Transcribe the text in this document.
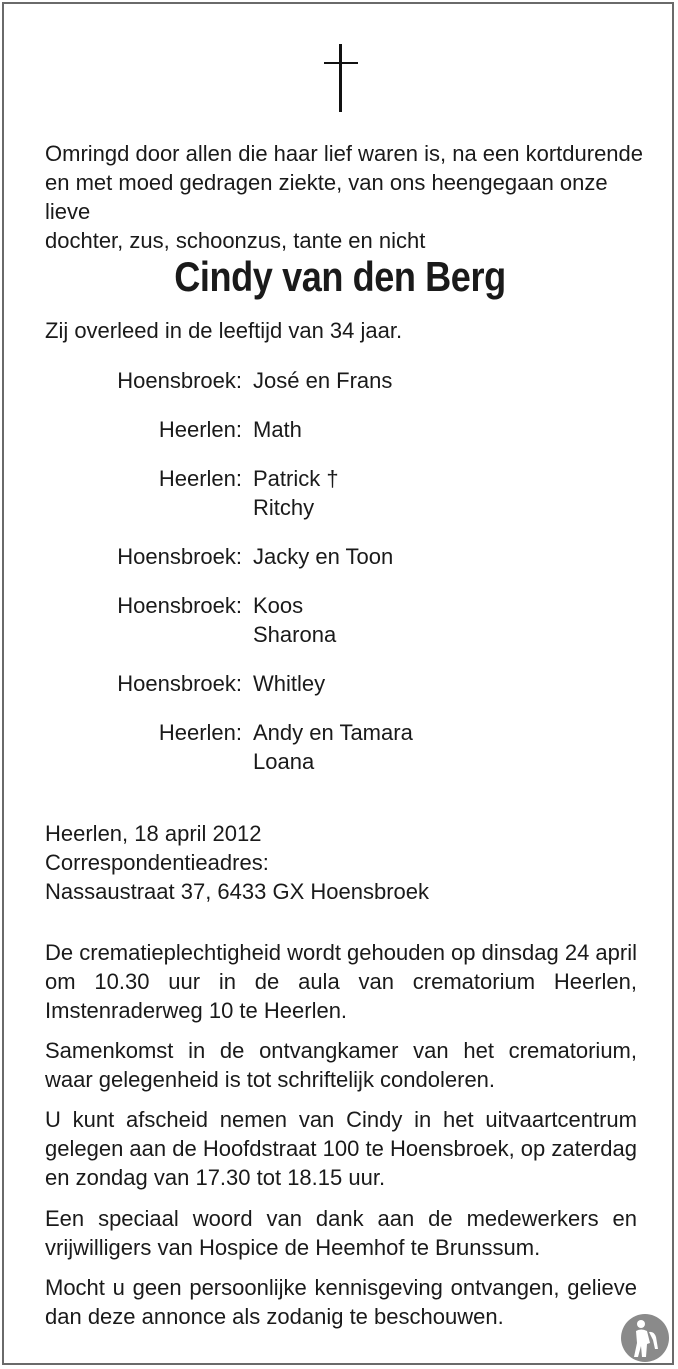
Omringd door allen die haar lief waren is, na een kortdurende

en met moed gedragen ziekte, van ons heengegaan onze lieve

dochter, zus, schoonzus, tante en nicht

Cindy van den Berg
Zij overleed in de leeftijd van 34 jaar.
Hoensbroek: José en Frans
Heerlen: Math
Heerlen: Patrick †
Ritchy
Hoensbroek: Jacky en Toon
Hoensbroek: Koos
Sharona
Hoensbroek: Whitley
Heerlen: Andy en Tamara
Loana

Heerlen, 18 april 2012

Correspondentieadres:

Nassaustraat 37, 6433 GX Hoensbroek

De crematieplechtigheid wordt gehouden op dinsdag 24 april om 10.30 uur in de aula van crematorium Heerlen, Imstenraderweg 10 te Heerlen.
Samenkomst in de ontvangkamer van het crematorium, waar gelegenheid is tot schriftelijk condoleren.
U kunt afscheid nemen van Cindy in het uitvaartcentrum gelegen aan de Hoofdstraat 100 te Hoensbroek, op zaterdag en zondag van 17.30 tot 18.15 uur.
Een speciaal woord van dank aan de medewerkers en vrijwilligers van Hospice de Heemhof te Brunssum.
Mocht u geen persoonlijke kennisgeving ontvangen, gelieve dan deze annonce als zodanig te beschouwen.
